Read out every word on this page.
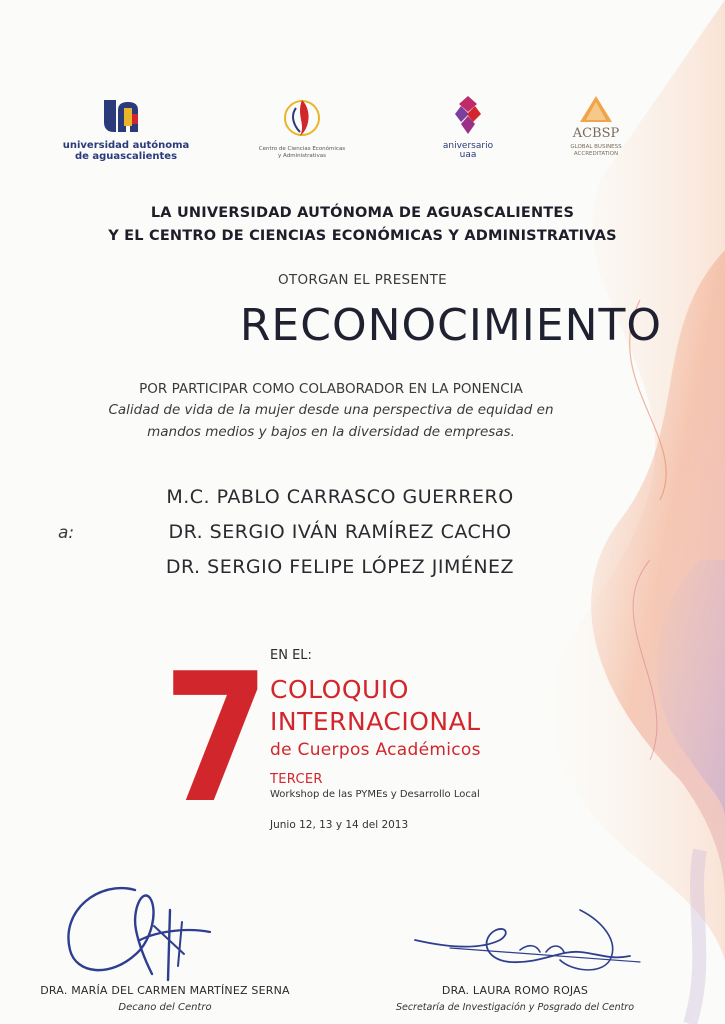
universidad autónoma
de aguascalientes
Centro de Ciencias Económicas
y Administrativas
aniversario
uaa
ACBSP
GLOBAL BUSINESS
ACCREDITATION
LA UNIVERSIDAD AUTÓNOMA DE AGUASCALIENTES
Y EL CENTRO DE CIENCIAS ECONÓMICAS Y ADMINISTRATIVAS
OTORGAN EL PRESENTE
RECONOCIMIENTO
POR PARTICIPAR COMO COLABORADOR EN LA PONENCIA
Calidad de vida de la mujer desde una perspectiva de equidad en
mandos medios y bajos en la diversidad de empresas.
a:
M.C. PABLO CARRASCO GUERRERO
DR. SERGIO IVÁN RAMÍREZ CACHO
DR. SERGIO FELIPE LÓPEZ JIMÉNEZ
7 EN EL:
COLOQUIO
INTERNACIONAL
de Cuerpos Académicos
TERCER
Workshop de las PYMEs y Desarrollo Local
Junio 12, 13 y 14 del 2013
DRA. MARÍA DEL CARMEN MARTÍNEZ SERNA
Decano del Centro
DRA. LAURA ROMO ROJAS
Secretaría de Investigación y Posgrado del Centro
